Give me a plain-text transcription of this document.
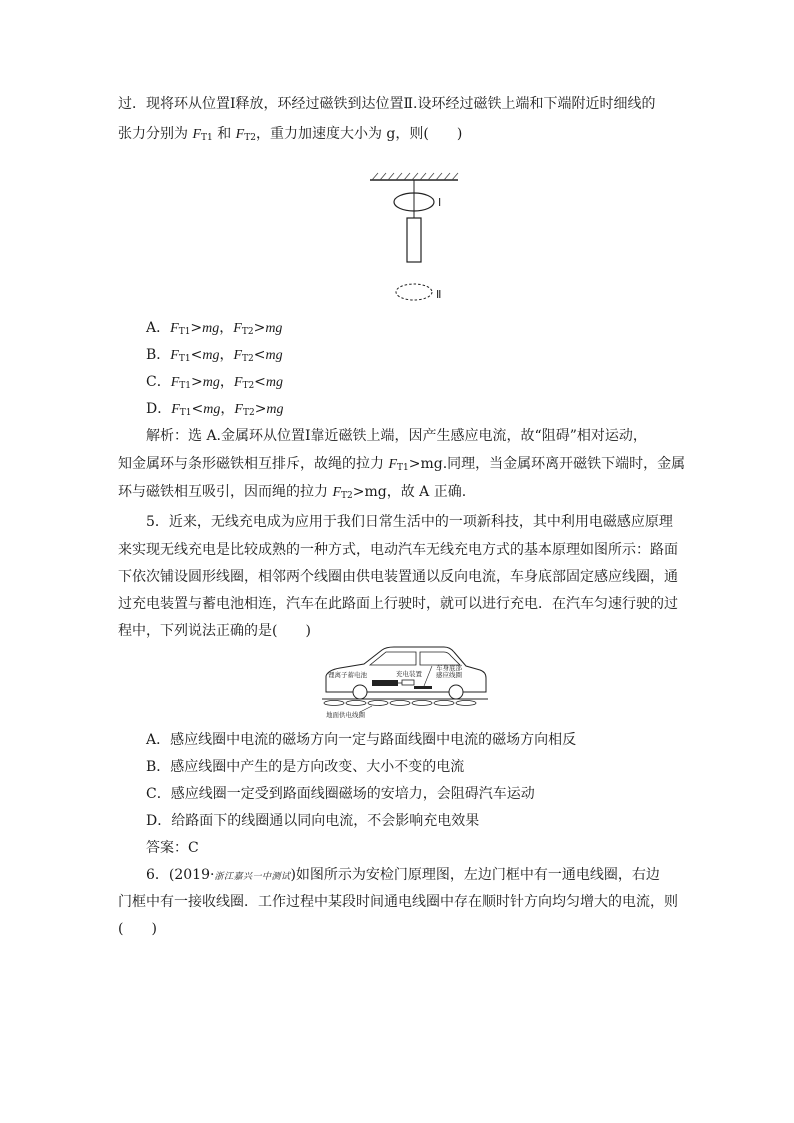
过．现将环从位置Ⅰ释放，环经过磁铁到达位置Ⅱ.设环经过磁铁上端和下端附近时细线的
张力分别为 $F_{T1}$ 和 $F_{T2}$，重力加速度大小为 g，则(　　)
Ⅰ
Ⅱ
A．$F_{T1}>mg$，$F_{T2}>mg$
B．$F_{T1}<mg$，$F_{T2}<mg$
C．$F_{T1}>mg$，$F_{T2}<mg$
D．$F_{T1}<mg$，$F_{T2}>mg$
解析：选 A.金属环从位置Ⅰ靠近磁铁上端，因产生感应电流，故“阻碍”相对运动，
知金属环与条形磁铁相互排斥，故绳的拉力 $F_{T1}>mg$.同理，当金属环离开磁铁下端时，金属
环与磁铁相互吸引，因而绳的拉力 $F_{T2}>mg$，故 A 正确.
5．近来，无线充电成为应用于我们日常生活中的一项新科技，其中利用电磁感应原理
来实现无线充电是比较成熟的一种方式，电动汽车无线充电方式的基本原理如图所示：路面
下依次铺设圆形线圈，相邻两个线圈由供电装置通以反向电流，车身底部固定感应线圈，通
过充电装置与蓄电池相连，汽车在此路面上行驶时，就可以进行充电．在汽车匀速行驶的过
程中，下列说法正确的是(　　)
锂离子蓄电池	充电装置
车身底部
感应线圈
地面供电线圈
A．感应线圈中电流的磁场方向一定与路面线圈中电流的磁场方向相反
B．感应线圈中产生的是方向改变、大小不变的电流
C．感应线圈一定受到路面线圈磁场的安培力，会阻碍汽车运动
D．给路面下的线圈通以同向电流，不会影响充电效果
答案：C
6．(2019·浙江嘉兴一中测试)如图所示为安检门原理图，左边门框中有一通电线圈，右边
门框中有一接收线圈．工作过程中某段时间通电线圈中存在顺时针方向均匀增大的电流，则
(　　)
